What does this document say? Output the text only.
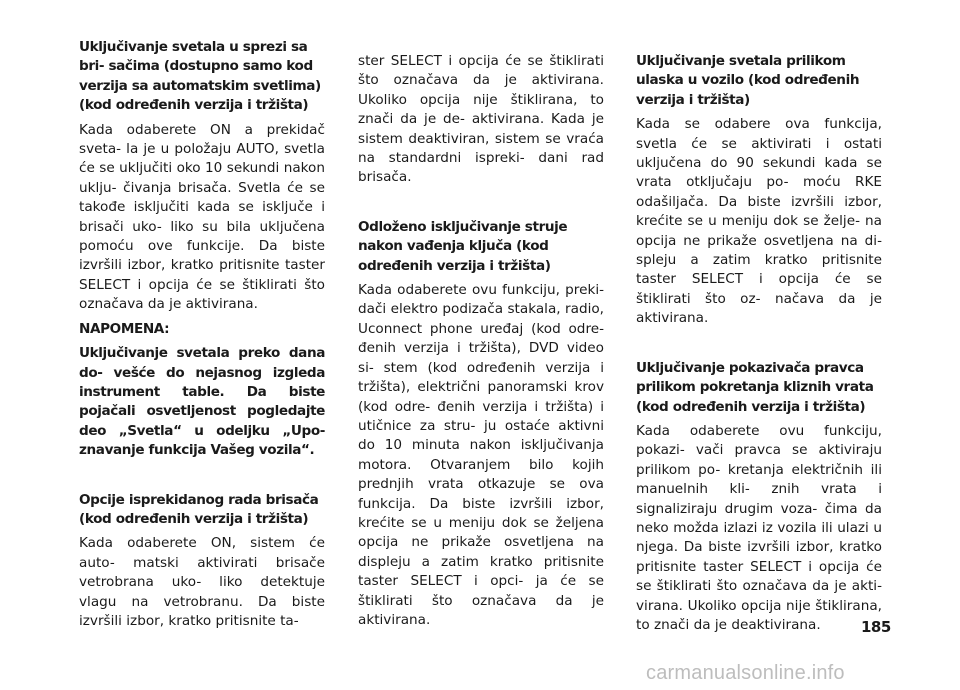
Uključivanje svetala u sprezi sa bri- sačima (dostupno samo kod verzija sa automatskim svetlima) (kod određenih verzija i tržišta)

Kada odaberete ON a prekidač sveta- la je u položaju AUTO, svetla će se uključiti oko 10 sekundi nakon uklju- čivanja brisača. Svetla će se takođe isključiti kada se isključe i brisači uko- liko su bila uključena pomoću ove funkcije. Da biste izvršili izbor, kratko pritisnite taster SELECT i opcija će se štiklirati što označava da je aktivirana.

NAPOMENA:

Uključivanje svetala preko dana do- vešće do nejasnog izgleda instrument table. Da biste pojačali osvetljenost pogledajte deo „Svetla“ u odeljku „Upo- znavanje funkcija Vašeg vozila“.

Opcije isprekidanog rada brisača (kod određenih verzija i tržišta)

Kada odaberete ON, sistem će auto- matski aktivirati brisače vetrobrana uko- liko detektuje vlagu na vetrobranu. Da biste izvršili izbor, kratko pritisnite ta-

ster SELECT i opcija će se štiklirati što označava da je aktivirana. Ukoliko opcija nije štiklirana, to znači da je de- aktivirana. Kada je sistem deaktiviran, sistem se vraća na standardni ispreki- dani rad brisača.

Odloženo isključivanje struje nakon vađenja ključa (kod određenih verzija i tržišta)

Kada odaberete ovu funkciju, preki- dači elektro podizača stakala, radio, Uconnect phone uređaj (kod odre- đenih verzija i tržišta), DVD video si- stem (kod određenih verzija i tržišta), električni panoramski krov (kod odre- đenih verzija i tržišta) i utičnice za stru- ju ostaće aktivni do 10 minuta nakon isključivanja motora. Otvaranjem bilo kojih prednjih vrata otkazuje se ova funkcija. Da biste izvršili izbor, krećite se u meniju dok se željena opcija ne prikaže osvetljena na displeju a zatim kratko pritisnite taster SELECT i opci- ja će se štiklirati što označava da je aktivirana.

Uključivanje svetala prilikom ulaska u vozilo (kod određenih verzija i tržišta)

Kada se odabere ova funkcija, svetla će se aktivirati i ostati uključena do 90 sekundi kada se vrata otključaju po- moću RKE odašiljača. Da biste izvršili izbor, krećite se u meniju dok se želje- na opcija ne prikaže osvetljena na di- spleju a zatim kratko pritisnite taster SELECT i opcija će se štiklirati što oz- načava da je aktivirana.

Uključivanje pokazivača pravca prilikom pokretanja kliznih vrata (kod određenih verzija i tržišta)

Kada odaberete ovu funkciju, pokazi- vači pravca se aktiviraju prilikom po- kretanja električnih ili manuelnih kli- znih vrata i signaliziraju drugim voza- čima da neko možda izlazi iz vozila ili ulazi u njega. Da biste izvršili izbor, kratko pritisnite taster SELECT i opcija će se štiklirati što označava da je akti- virana. Ukoliko opcija nije štiklirana, to znači da je deaktivirana.	185
carmanualsonline.info
